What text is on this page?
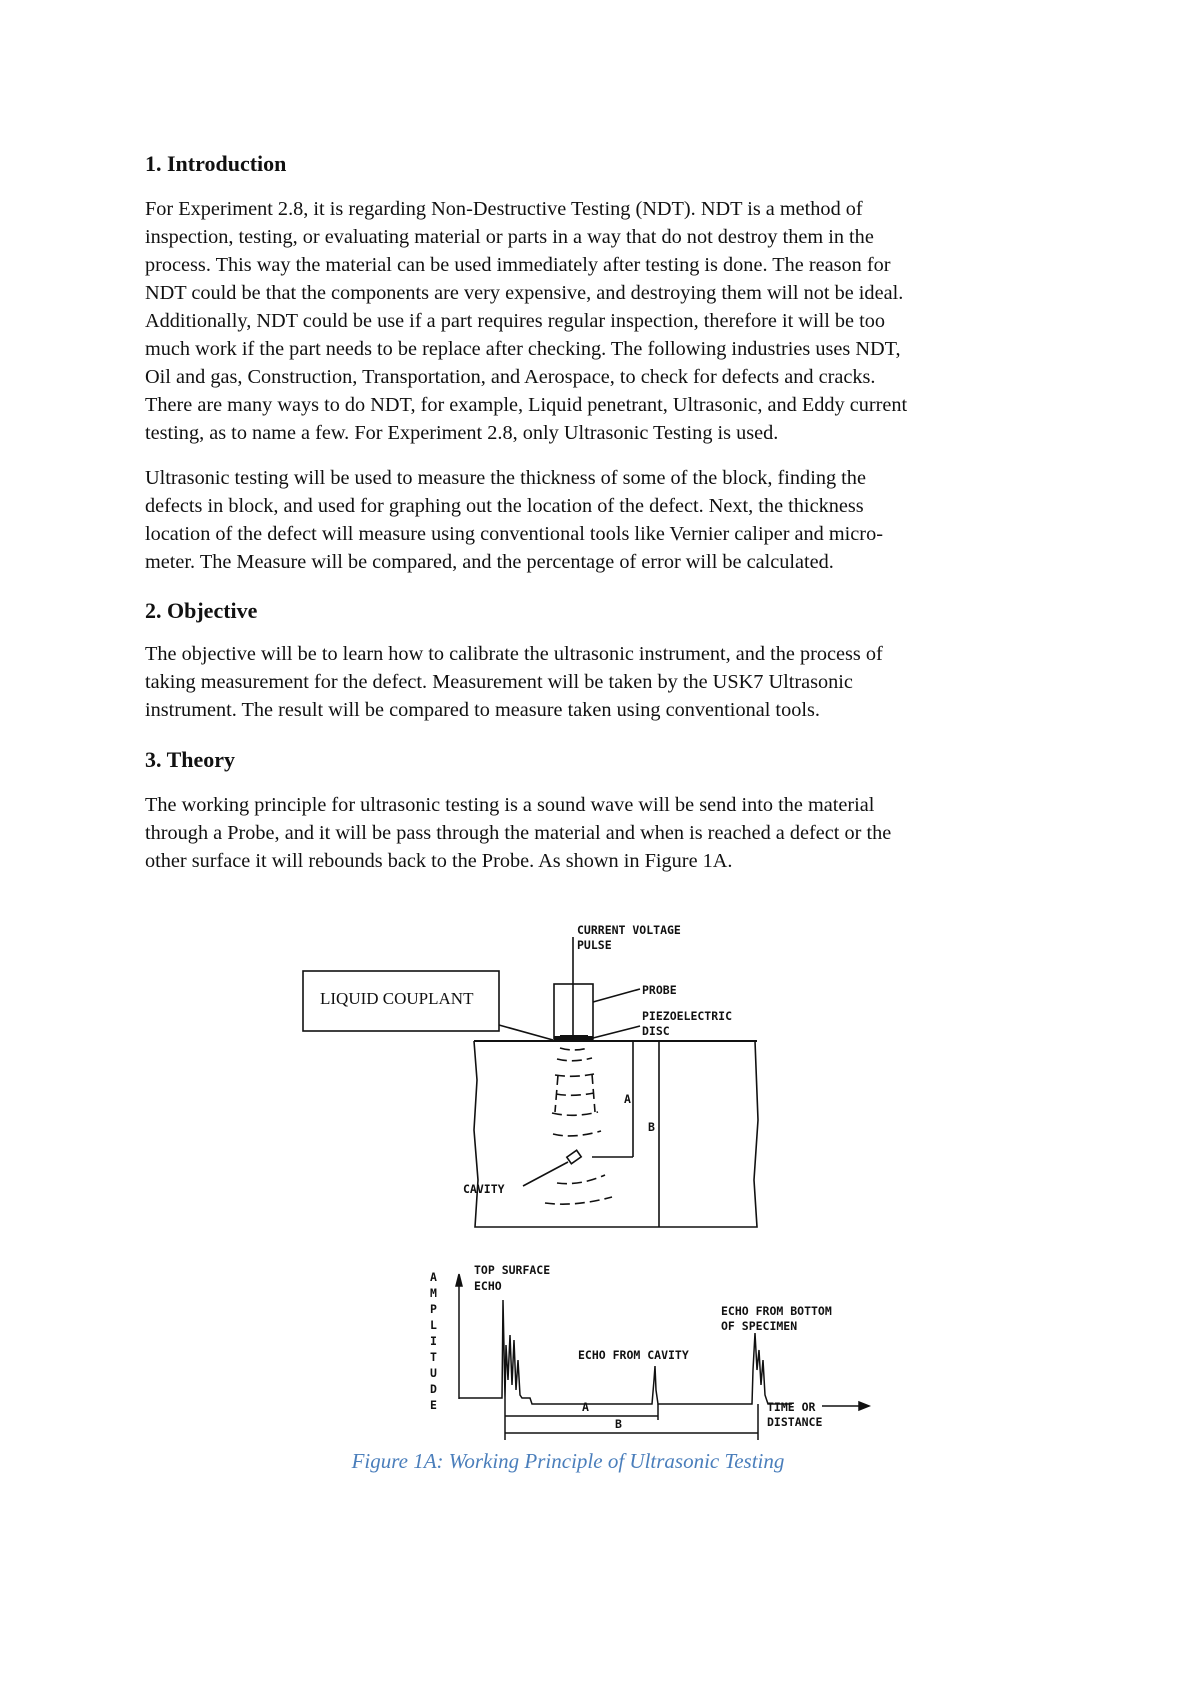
1. Introduction
For Experiment 2.8, it is regarding Non-Destructive Testing (NDT). NDT is a method of
inspection, testing, or evaluating material or parts in a way that do not destroy them in the
process. This way the material can be used immediately after testing is done. The reason for
NDT could be that the components are very expensive, and destroying them will not be ideal.
Additionally, NDT could be use if a part requires regular inspection, therefore it will be too
much work if the part needs to be replace after checking. The following industries uses NDT,
Oil and gas, Construction, Transportation, and Aerospace, to check for defects and cracks.
There are many ways to do NDT, for example, Liquid penetrant, Ultrasonic, and Eddy current
testing, as to name a few. For Experiment 2.8, only Ultrasonic Testing is used.
Ultrasonic testing will be used to measure the thickness of some of the block, finding the
defects in block, and used for graphing out the location of the defect. Next, the thickness
location of the defect will measure using conventional tools like Vernier caliper and micro-
meter. The Measure will be compared, and the percentage of error will be calculated.
2. Objective
The objective will be to learn how to calibrate the ultrasonic instrument, and the process of
taking measurement for the defect. Measurement will be taken by the USK7 Ultrasonic
instrument. The result will be compared to measure taken using conventional tools.
3. Theory
The working principle for ultrasonic testing is a sound wave will be send into the material
through a Probe, and it will be pass through the material and when is reached a defect or the
other surface it will rebounds back to the Probe. As shown in Figure 1A.
CURRENT VOLTAGE
PULSE
PROBE
PIEZOELECTRIC
DISC
A
B
CAVITY
LIQUID COUPLANT
A
M
P
L
I
T
U
D
E
TOP SURFACE
ECHO
ECHO FROM CAVITY
ECHO FROM BOTTOM
OF SPECIMEN
TIME OR
DISTANCE
A
B
Figure 1A: Working Principle of Ultrasonic Testing
